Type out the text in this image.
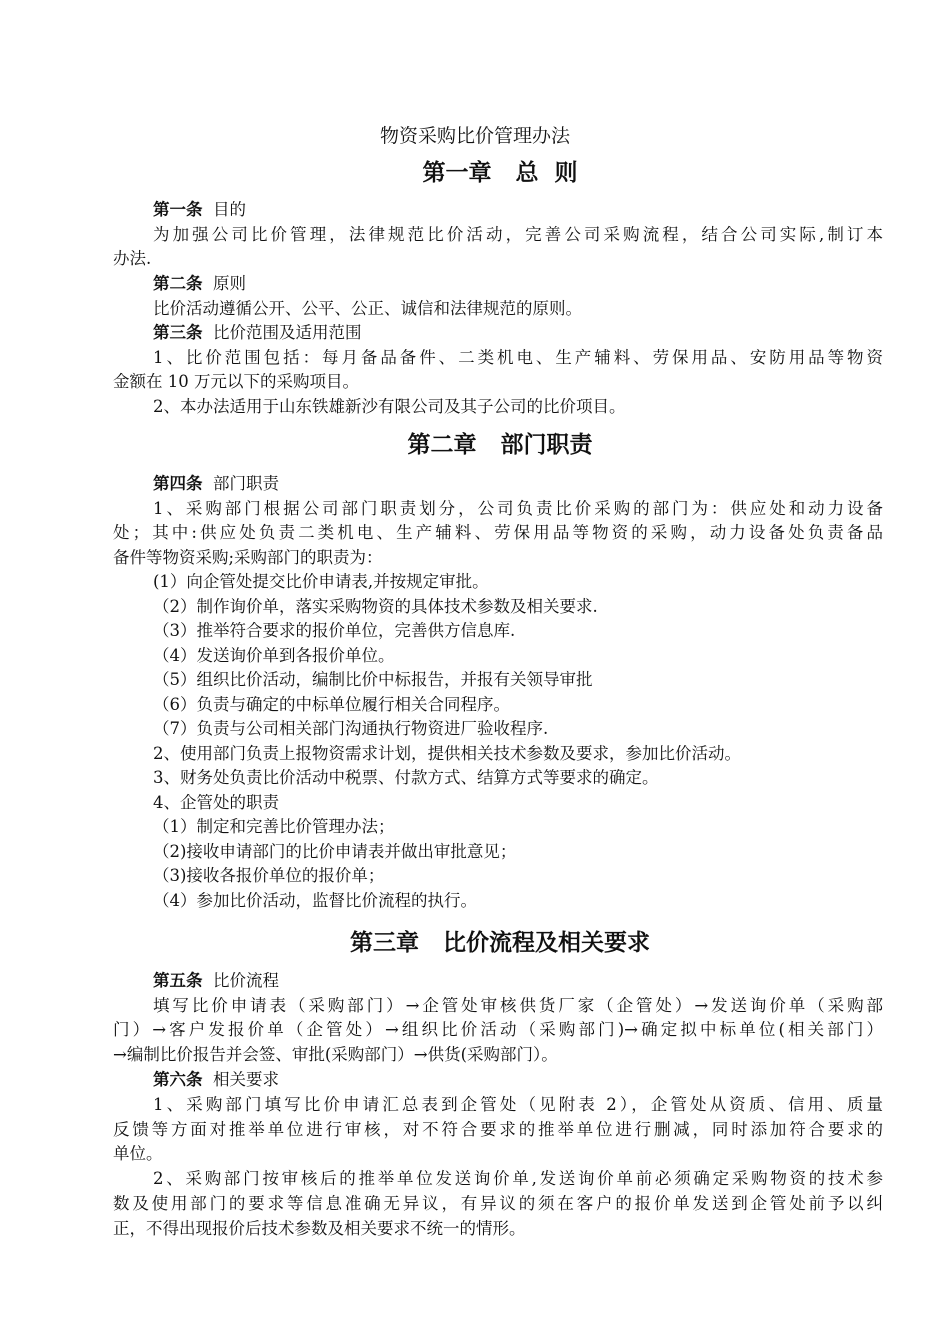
物资采购比价管理办法
第一章   总  则
第一条 目的
为加强公司比价管理，法律规范比价活动，完善公司采购流程，结合公司实际,制订本
办法.
第二条 原则
比价活动遵循公开、公平、公正、诚信和法律规范的原则。
第三条 比价范围及适用范围
1、比价范围包括：每月备品备件、二类机电、生产辅料、劳保用品、安防用品等物资
金额在 10 万元以下的采购项目。
2、本办法适用于山东铁雄新沙有限公司及其子公司的比价项目。
第二章   部门职责
第四条 部门职责
1、采购部门根据公司部门职责划分，公司负责比价采购的部门为：供应处和动力设备
处；其中:供应处负责二类机电、生产辅料、劳保用品等物资的采购，动力设备处负责备品
备件等物资采购;采购部门的职责为：
(1）向企管处提交比价申请表,并按规定审批。
（2）制作询价单，落实采购物资的具体技术参数及相关要求.
（3）推举符合要求的报价单位，完善供方信息库.
（4）发送询价单到各报价单位。
（5）组织比价活动，编制比价中标报告，并报有关领导审批
（6）负责与确定的中标单位履行相关合同程序。
（7）负责与公司相关部门沟通执行物资进厂验收程序.
2、使用部门负责上报物资需求计划，提供相关技术参数及要求，参加比价活动。
3、财务处负责比价活动中税票、付款方式、结算方式等要求的确定。
4、企管处的职责
（1）制定和完善比价管理办法；
（2)接收申请部门的比价申请表并做出审批意见；
（3)接收各报价单位的报价单；
（4）参加比价活动，监督比价流程的执行。
第三章   比价流程及相关要求
第五条 比价流程
填写比价申请表（采购部门）→企管处审核供货厂家（企管处）→发送询价单（采购部
门）→客户发报价单（企管处）→组织比价活动（采购部门)→确定拟中标单位(相关部门）
→编制比价报告并会签、审批(采购部门）→供货(采购部门）。
第六条 相关要求
1、采购部门填写比价申请汇总表到企管处（见附表 2），企管处从资质、信用、质量
反馈等方面对推举单位进行审核，对不符合要求的推举单位进行删减，同时添加符合要求的
单位。
2、采购部门按审核后的推举单位发送询价单,发送询价单前必须确定采购物资的技术参
数及使用部门的要求等信息准确无异议，有异议的须在客户的报价单发送到企管处前予以纠
正，不得出现报价后技术参数及相关要求不统一的情形。
